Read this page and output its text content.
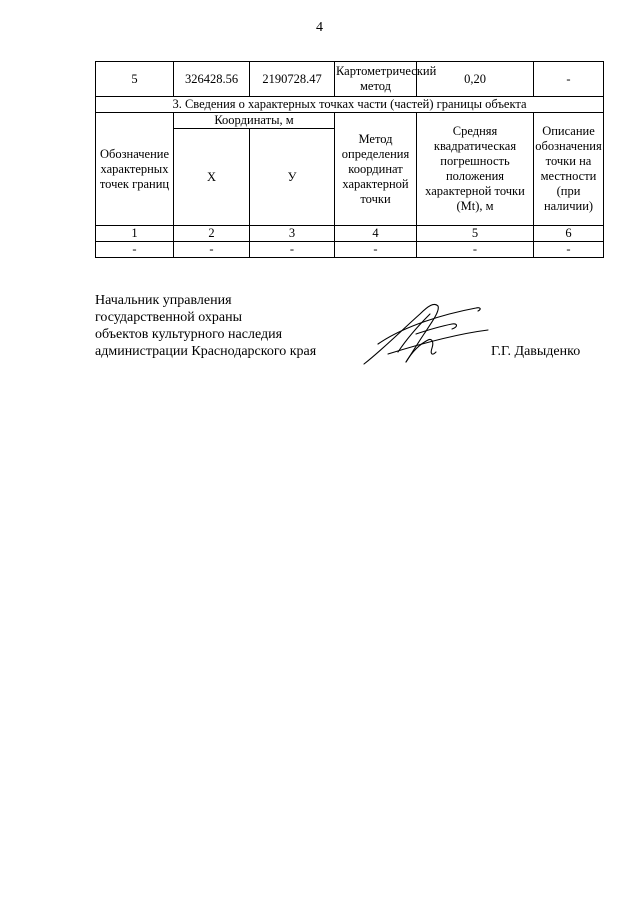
4
5	326428.56	2190728.47	Картометрический метод	0,20	-
3. Сведения о характерных точках части (частей) границы объекта					
Обозначение характерных точек границ	Координаты, м		Метод определения координат характерной точки	Средняя квадратическая погрешность положения характерной точки (Mt), м	Описание обозначения точки на местности (при наличии)
	X	У			
1	2	3	4	5	6
-	-	-	-	-	-
Начальник управления
государственной охраны
объектов культурного наследия
администрации Краснодарского края	Г.Г. Давыденко
